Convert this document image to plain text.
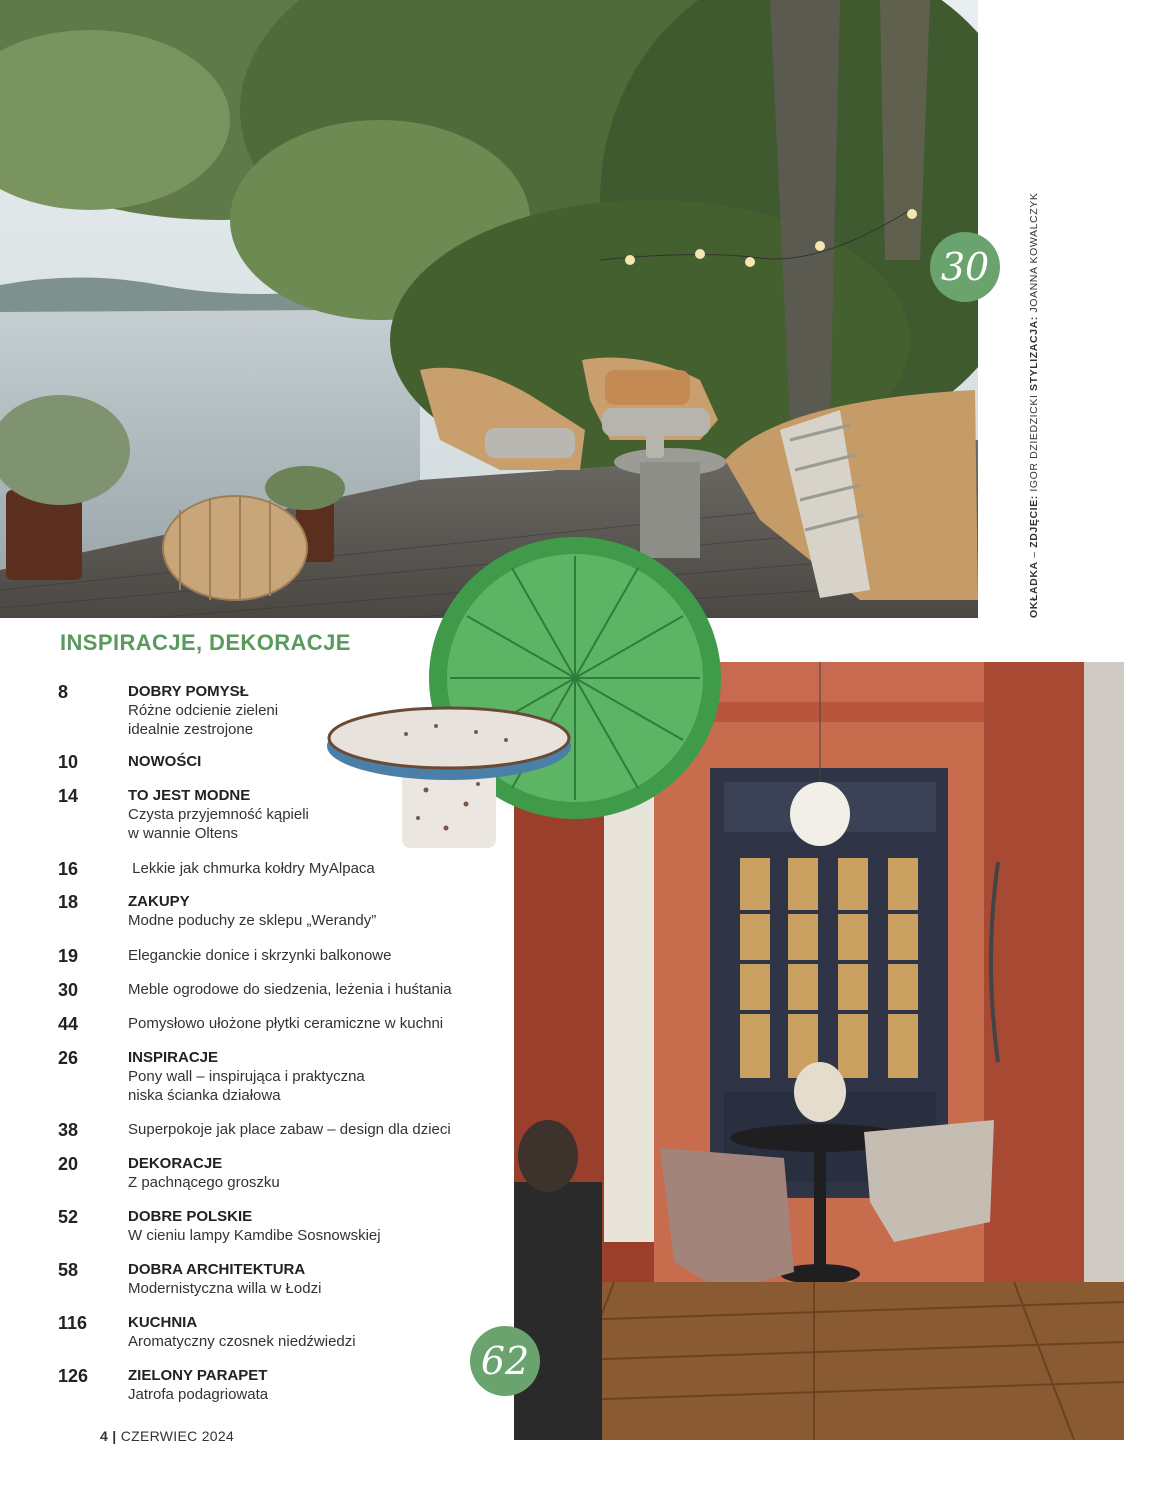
30
OKŁADKA – ZDJĘCIE: IGOR DZIEDZICKI STYLIZACJA: JOANNA KOWALCZYK
62
INSPIRACJE, DEKORACJE
8	DOBRY POMYSŁ
Różne odcienie zieleni
idealnie zestrojone
10	NOWOŚCI
14	TO JEST MODNE
Czysta przyjemność kąpieli
w wannie Oltens
16	Lekkie jak chmurka kołdry MyAlpaca
18	ZAKUPY
Modne poduchy ze sklepu „Werandy”
19	Eleganckie donice i skrzynki balkonowe
30	Meble ogrodowe do siedzenia, leżenia i huśtania
44	Pomysłowo ułożone płytki ceramiczne w kuchni
26	INSPIRACJE
Pony wall – inspirująca i praktyczna
niska ścianka działowa
38	Superpokoje jak place zabaw – design dla dzieci
20	DEKORACJE
Z pachnącego groszku
52	DOBRE POLSKIE
W cieniu lampy Kamdibe Sosnowskiej
58	DOBRA ARCHITEKTURA
Modernistyczna willa w Łodzi
116	KUCHNIA
Aromatyczny czosnek niedźwiedzi
126	ZIELONY PARAPET
Jatrofa podagriowata
4 | CZERWIEC 2024
